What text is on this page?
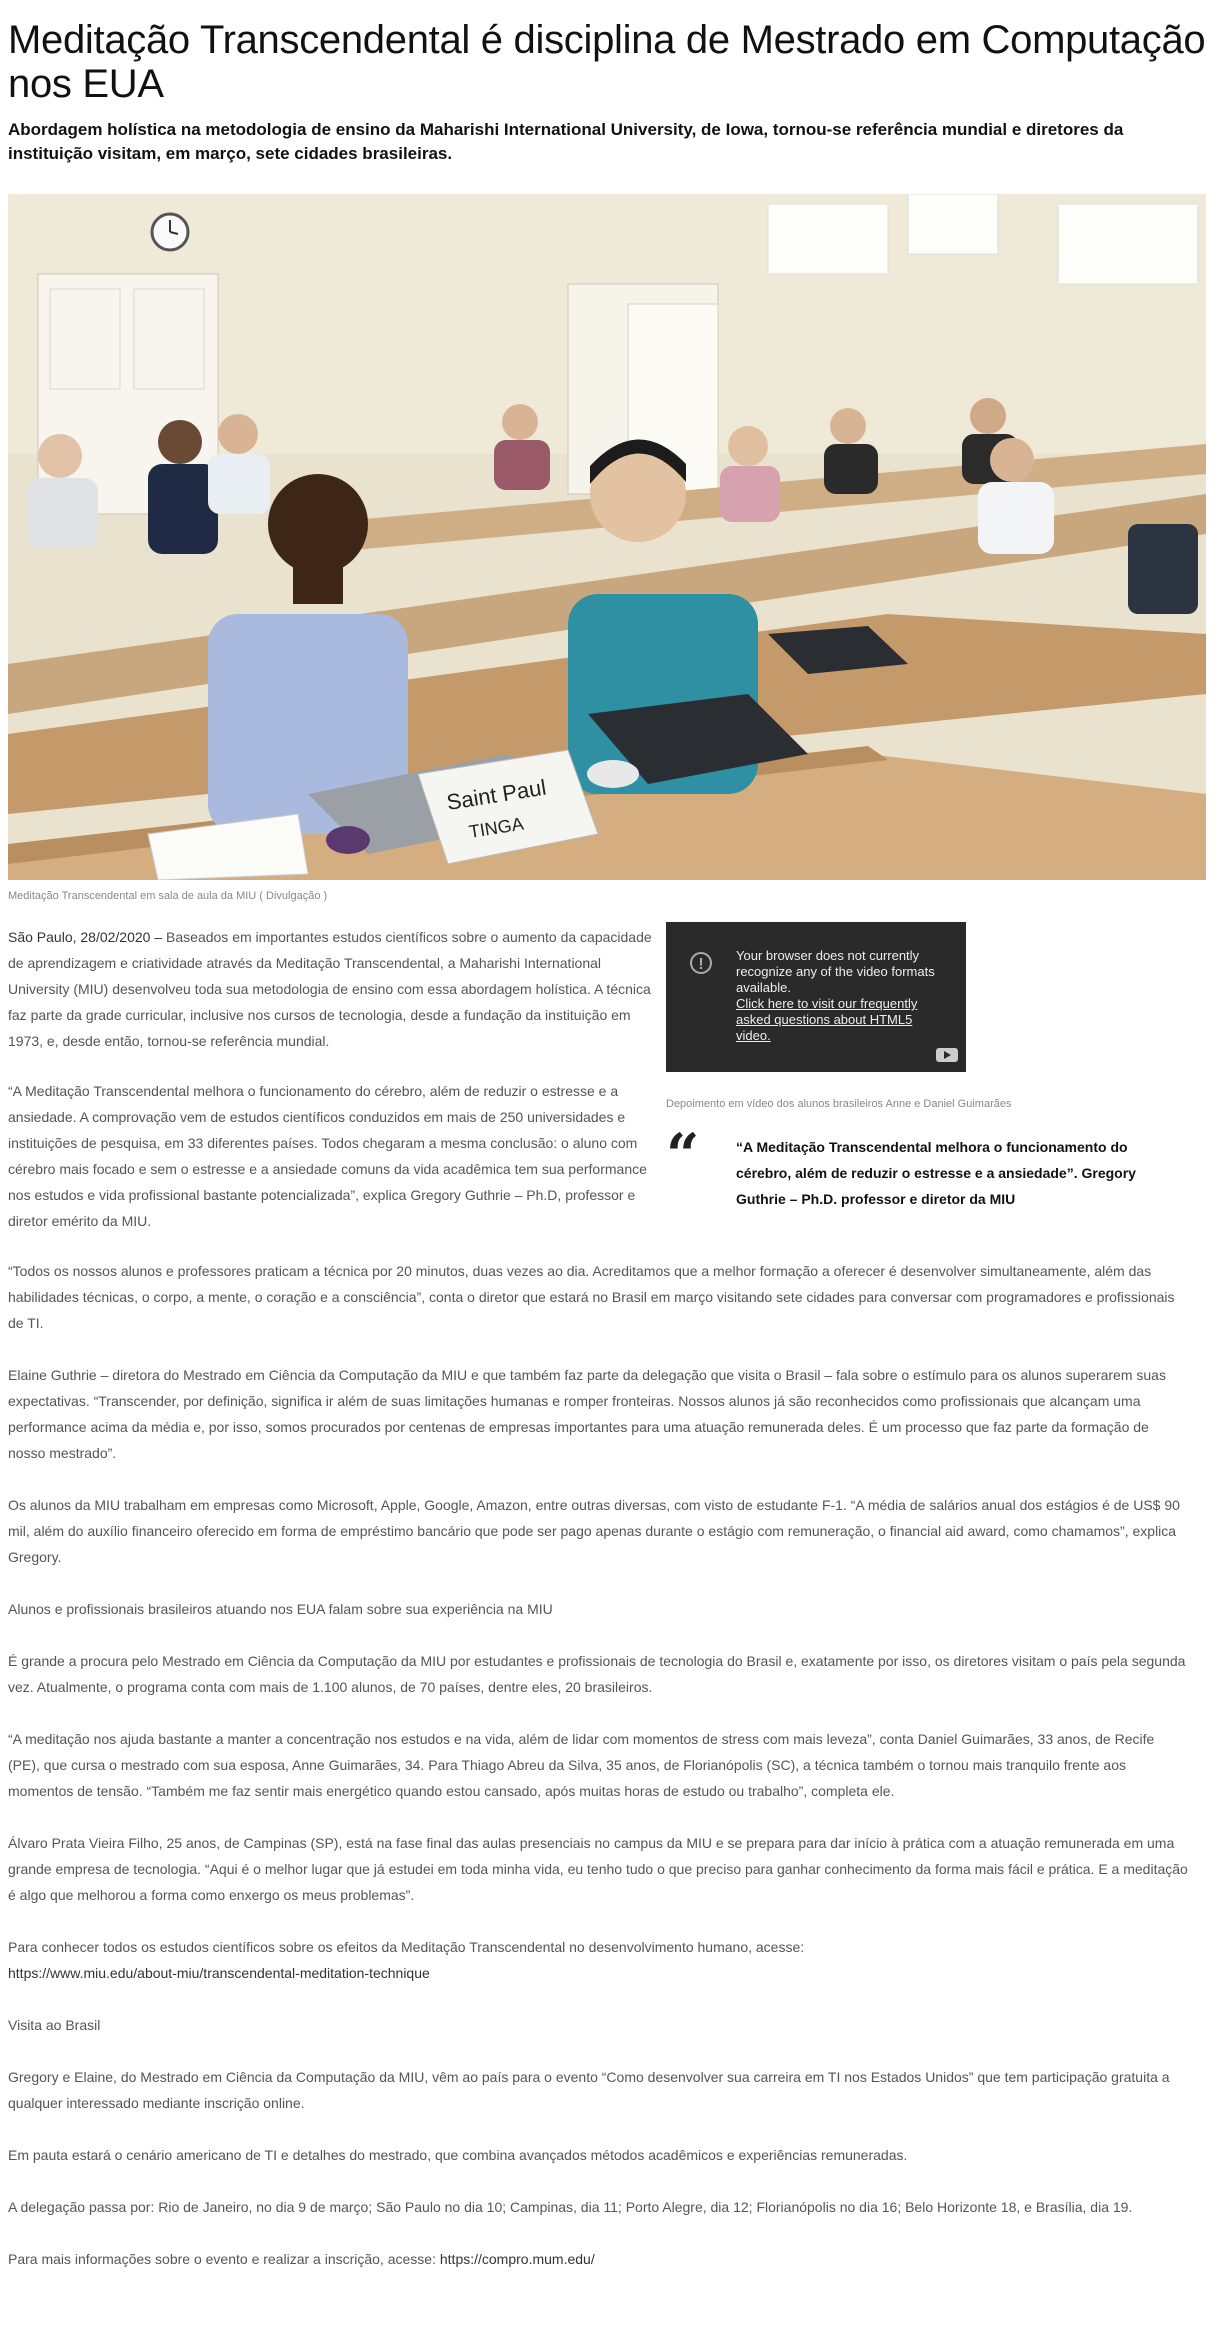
Meditação Transcendental é disciplina de Mestrado em Computação nos EUA
Abordagem holística na metodologia de ensino da Maharishi International University, de Iowa, tornou-se referência mundial e diretores da instituição visitam, em março, sete cidades brasileiras.
Saint Paul
TINGA
Meditação Transcendental em sala de aula da MIU ( Divulgação )
São Paulo, 28/02/2020 – Baseados em importantes estudos científicos sobre o aumento da capacidade de aprendizagem e criatividade através da Meditação Transcendental, a Maharishi International University (MIU) desenvolveu toda sua metodologia de ensino com essa abordagem holística. A técnica faz parte da grade curricular, inclusive nos cursos de tecnologia, desde a fundação da instituição em 1973, e, desde então, tornou-se referência mundial.
“A Meditação Transcendental melhora o funcionamento do cérebro, além de reduzir o estresse e a ansiedade. A comprovação vem de estudos científicos conduzidos em mais de 250 universidades e instituições de pesquisa, em 33 diferentes países. Todos chegaram a mesma conclusão: o aluno com cérebro mais focado e sem o estresse e a ansiedade comuns da vida acadêmica tem sua performance nos estudos e vida profissional bastante potencializada”, explica Gregory Guthrie – Ph.D, professor e diretor emérito da MIU.
!
Your browser does not currently recognize any of the video formats available.
Click here to visit our frequently asked questions about HTML5 video.
Depoimento em vídeo dos alunos brasileiros Anne e Daniel Guimarães
“	“A Meditação Transcendental melhora o funcionamento do cérebro, além de reduzir o estresse e a ansiedade”. Gregory Guthrie – Ph.D. professor e diretor da MIU
“Todos os nossos alunos e professores praticam a técnica por 20 minutos, duas vezes ao dia. Acreditamos que a melhor formação a oferecer é desenvolver simultaneamente, além das habilidades técnicas, o corpo, a mente, o coração e a consciência”, conta o diretor que estará no Brasil em março visitando sete cidades para conversar com programadores e profissionais de TI.
Elaine Guthrie – diretora do Mestrado em Ciência da Computação da MIU e que também faz parte da delegação que visita o Brasil – fala sobre o estímulo para os alunos superarem suas expectativas. “Transcender, por definição, significa ir além de suas limitações humanas e romper fronteiras. Nossos alunos já são reconhecidos como profissionais que alcançam uma performance acima da média e, por isso, somos procurados por centenas de empresas importantes para uma atuação remunerada deles. É um processo que faz parte da formação de nosso mestrado”.
Os alunos da MIU trabalham em empresas como Microsoft, Apple, Google, Amazon, entre outras diversas, com visto de estudante F-1. “A média de salários anual dos estágios é de US$ 90 mil, além do auxílio financeiro oferecido em forma de empréstimo bancário que pode ser pago apenas durante o estágio com remuneração, o financial aid award, como chamamos”, explica Gregory.
Alunos e profissionais brasileiros atuando nos EUA falam sobre sua experiência na MIU
É grande a procura pelo Mestrado em Ciência da Computação da MIU por estudantes e profissionais de tecnologia do Brasil e, exatamente por isso, os diretores visitam o país pela segunda vez. Atualmente, o programa conta com mais de 1.100 alunos, de 70 países, dentre eles, 20 brasileiros.
“A meditação nos ajuda bastante a manter a concentração nos estudos e na vida, além de lidar com momentos de stress com mais leveza”, conta Daniel Guimarães, 33 anos, de Recife (PE), que cursa o mestrado com sua esposa, Anne Guimarães, 34. Para Thiago Abreu da Silva, 35 anos, de Florianópolis (SC), a técnica também o tornou mais tranquilo frente aos momentos de tensão. “Também me faz sentir mais energético quando estou cansado, após muitas horas de estudo ou trabalho”, completa ele.
Álvaro Prata Vieira Filho, 25 anos, de Campinas (SP), está na fase final das aulas presenciais no campus da MIU e se prepara para dar início à prática com a atuação remunerada em uma grande empresa de tecnologia. “Aqui é o melhor lugar que já estudei em toda minha vida, eu tenho tudo o que preciso para ganhar conhecimento da forma mais fácil e prática. E a meditação é algo que melhorou a forma como enxergo os meus problemas”.
Para conhecer todos os estudos científicos sobre os efeitos da Meditação Transcendental no desenvolvimento humano, acesse:
https://www.miu.edu/about-miu/transcendental-meditation-technique
Visita ao Brasil
Gregory e Elaine, do Mestrado em Ciência da Computação da MIU, vêm ao país para o evento “Como desenvolver sua carreira em TI nos Estados Unidos” que tem participação gratuita a qualquer interessado mediante inscrição online.
Em pauta estará o cenário americano de TI e detalhes do mestrado, que combina avançados métodos acadêmicos e experiências remuneradas.
A delegação passa por: Rio de Janeiro, no dia 9 de março; São Paulo no dia 10; Campinas, dia 11; Porto Alegre, dia 12; Florianópolis no dia 16; Belo Horizonte 18, e Brasília, dia 19.
Para mais informações sobre o evento e realizar a inscrição, acesse: https://compro.mum.edu/
